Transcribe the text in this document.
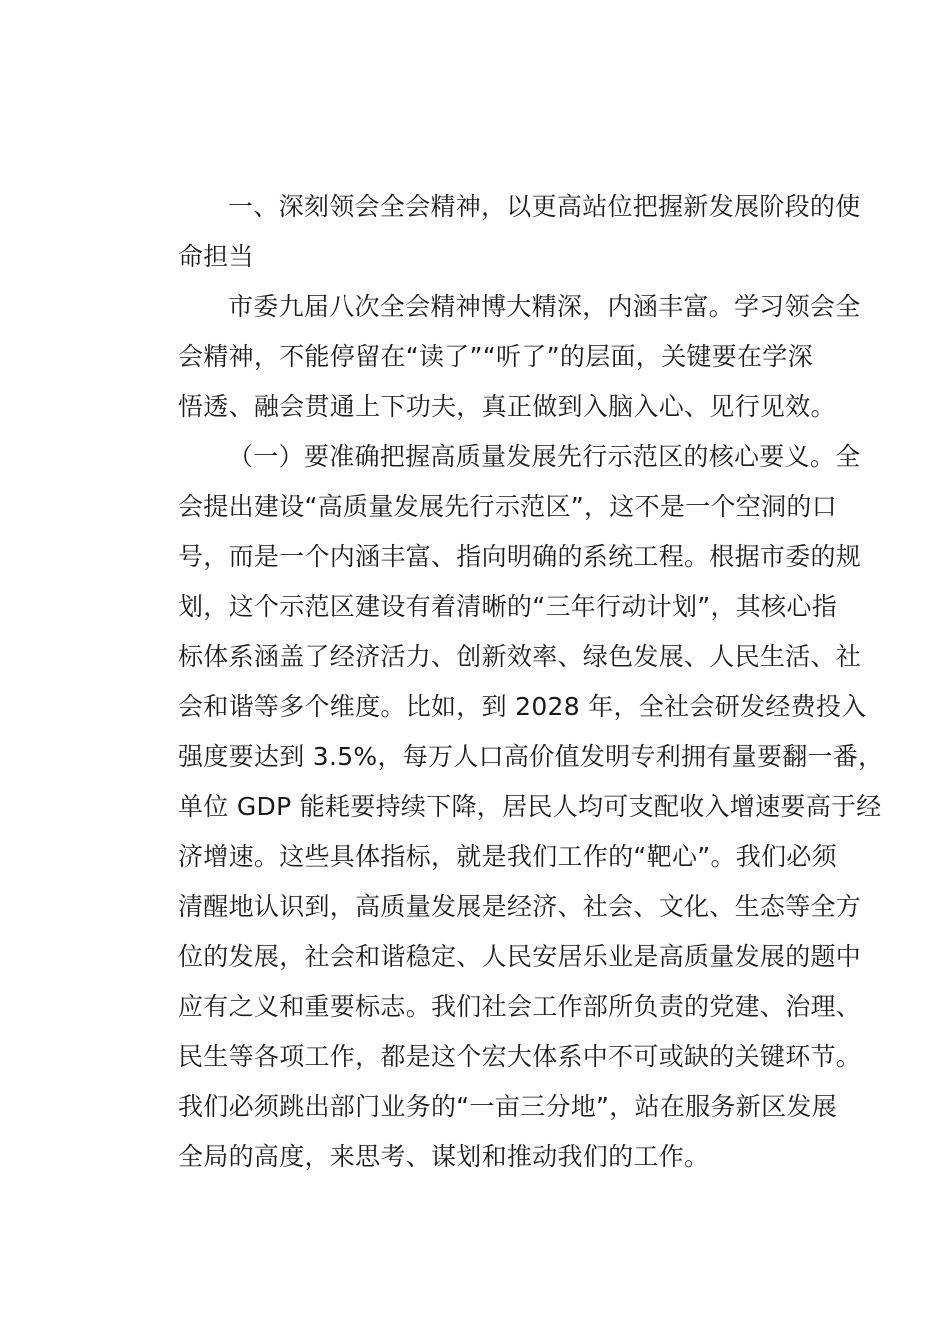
一、深刻领会全会精神，以更高站位把握新发展阶段的使
命担当
市委九届八次全会精神博大精深，内涵丰富。学习领会全
会精神，不能停留在“读了”“听了”的层面，关键要在学深
悟透、融会贯通上下功夫，真正做到入脑入心、见行见效。
（一）要准确把握高质量发展先行示范区的核心要义。全
会提出建设“高质量发展先行示范区”，这不是一个空洞的口
号，而是一个内涵丰富、指向明确的系统工程。根据市委的规
划，这个示范区建设有着清晰的“三年行动计划”，其核心指
标体系涵盖了经济活力、创新效率、绿色发展、人民生活、社
会和谐等多个维度。比如，到 2028 年，全社会研发经费投入
强度要达到 3.5%，每万人口高价值发明专利拥有量要翻一番，
单位 GDP 能耗要持续下降，居民人均可支配收入增速要高于经
济增速。这些具体指标，就是我们工作的“靶心”。我们必须
清醒地认识到，高质量发展是经济、社会、文化、生态等全方
位的发展，社会和谐稳定、人民安居乐业是高质量发展的题中
应有之义和重要标志。我们社会工作部所负责的党建、治理、
民生等各项工作，都是这个宏大体系中不可或缺的关键环节。
我们必须跳出部门业务的“一亩三分地”，站在服务新区发展
全局的高度，来思考、谋划和推动我们的工作。
